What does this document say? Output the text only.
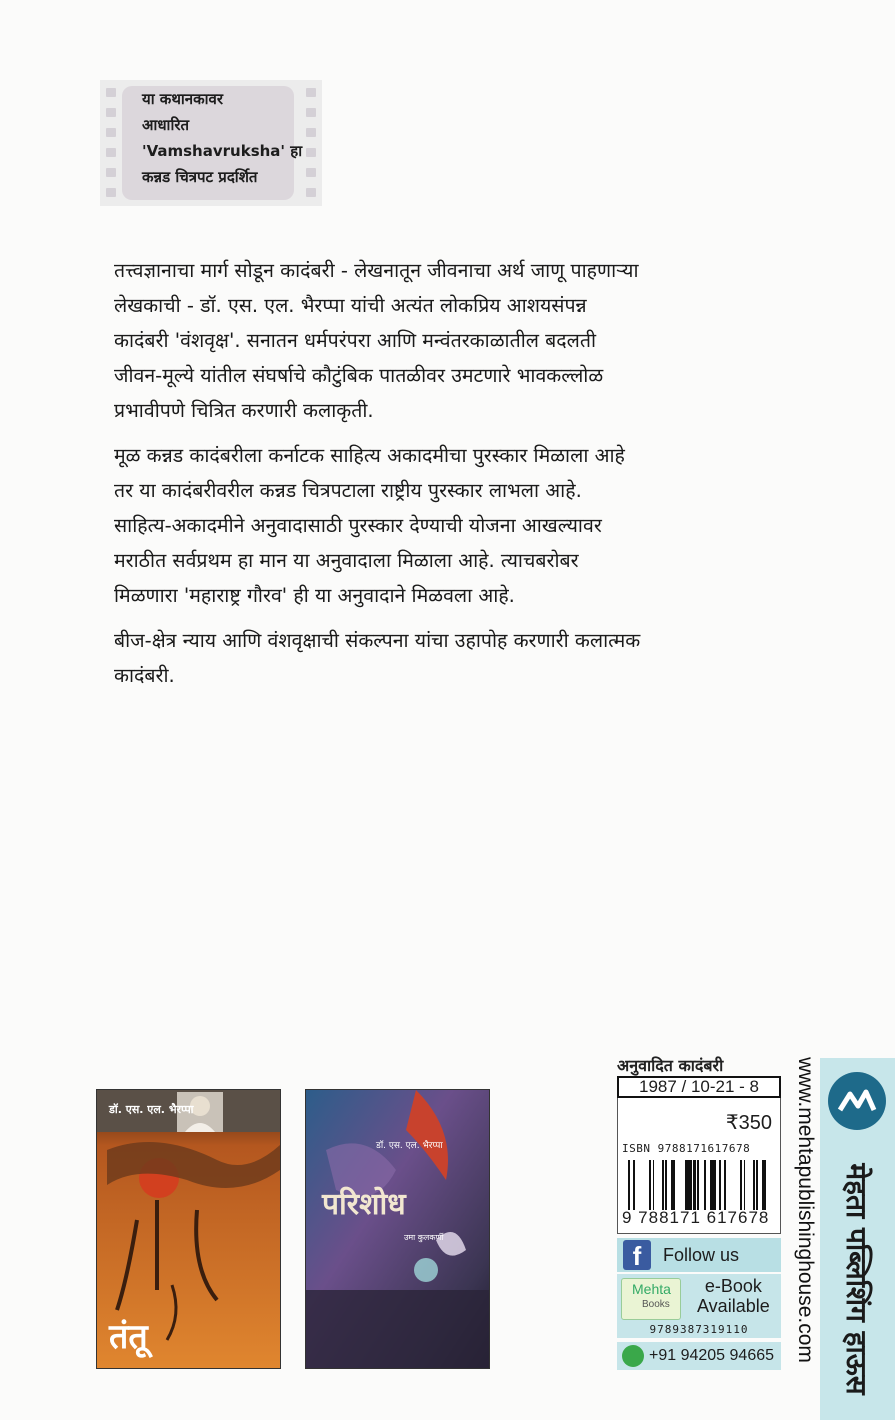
या कथानकावर
आधारित
'Vamshavruksha' हा
कन्नड चित्रपट प्रदर्शित

तत्त्वज्ञानाचा मार्ग सोडून कादंबरी - लेखनातून जीवनाचा अर्थ जाणू पाहणाऱ्या लेखकाची - डॉ. एस. एल. भैरप्पा यांची अत्यंत लोकप्रिय आशयसंपन्न कादंबरी 'वंशवृक्ष'. सनातन धर्मपरंपरा आणि मन्वंतरकाळातील बदलती जीवन-मूल्ये यांतील संघर्षाचे कौटुंबिक पातळीवर उमटणारे भावकल्लोळ प्रभावीपणे चित्रित करणारी कलाकृती.

मूळ कन्नड कादंबरीला कर्नाटक साहित्य अकादमीचा पुरस्कार मिळाला आहे तर या कादंबरीवरील कन्नड चित्रपटाला राष्ट्रीय पुरस्कार लाभला आहे. साहित्य-अकादमीने अनुवादासाठी पुरस्कार देण्याची योजना आखल्यावर मराठीत सर्वप्रथम हा मान या अनुवादाला मिळाला आहे. त्याचबरोबर मिळणारा 'महाराष्ट्र गौरव' ही या अनुवादाने मिळवला आहे.

बीज-क्षेत्र न्याय आणि वंशवृक्षाची संकल्पना यांचा उहापोह करणारी कलात्मक कादंबरी.

डॉ. एस. एल. भैरप्पा
तंतू
डॉ. एस. एल. भैरप्पा
परिशोध
उमा कुलकर्णी
अनुवादित कादंबरी
1987 / 10-21 - 8
₹350
ISBN 9788171617678
9 788171 617678
f	Follow us
Mehta
Books
e-Book
Available
9789387319110
+91 94205 94665 www.mehtapublishinghouse.com मेहता पब्लिशिंग हाऊस
